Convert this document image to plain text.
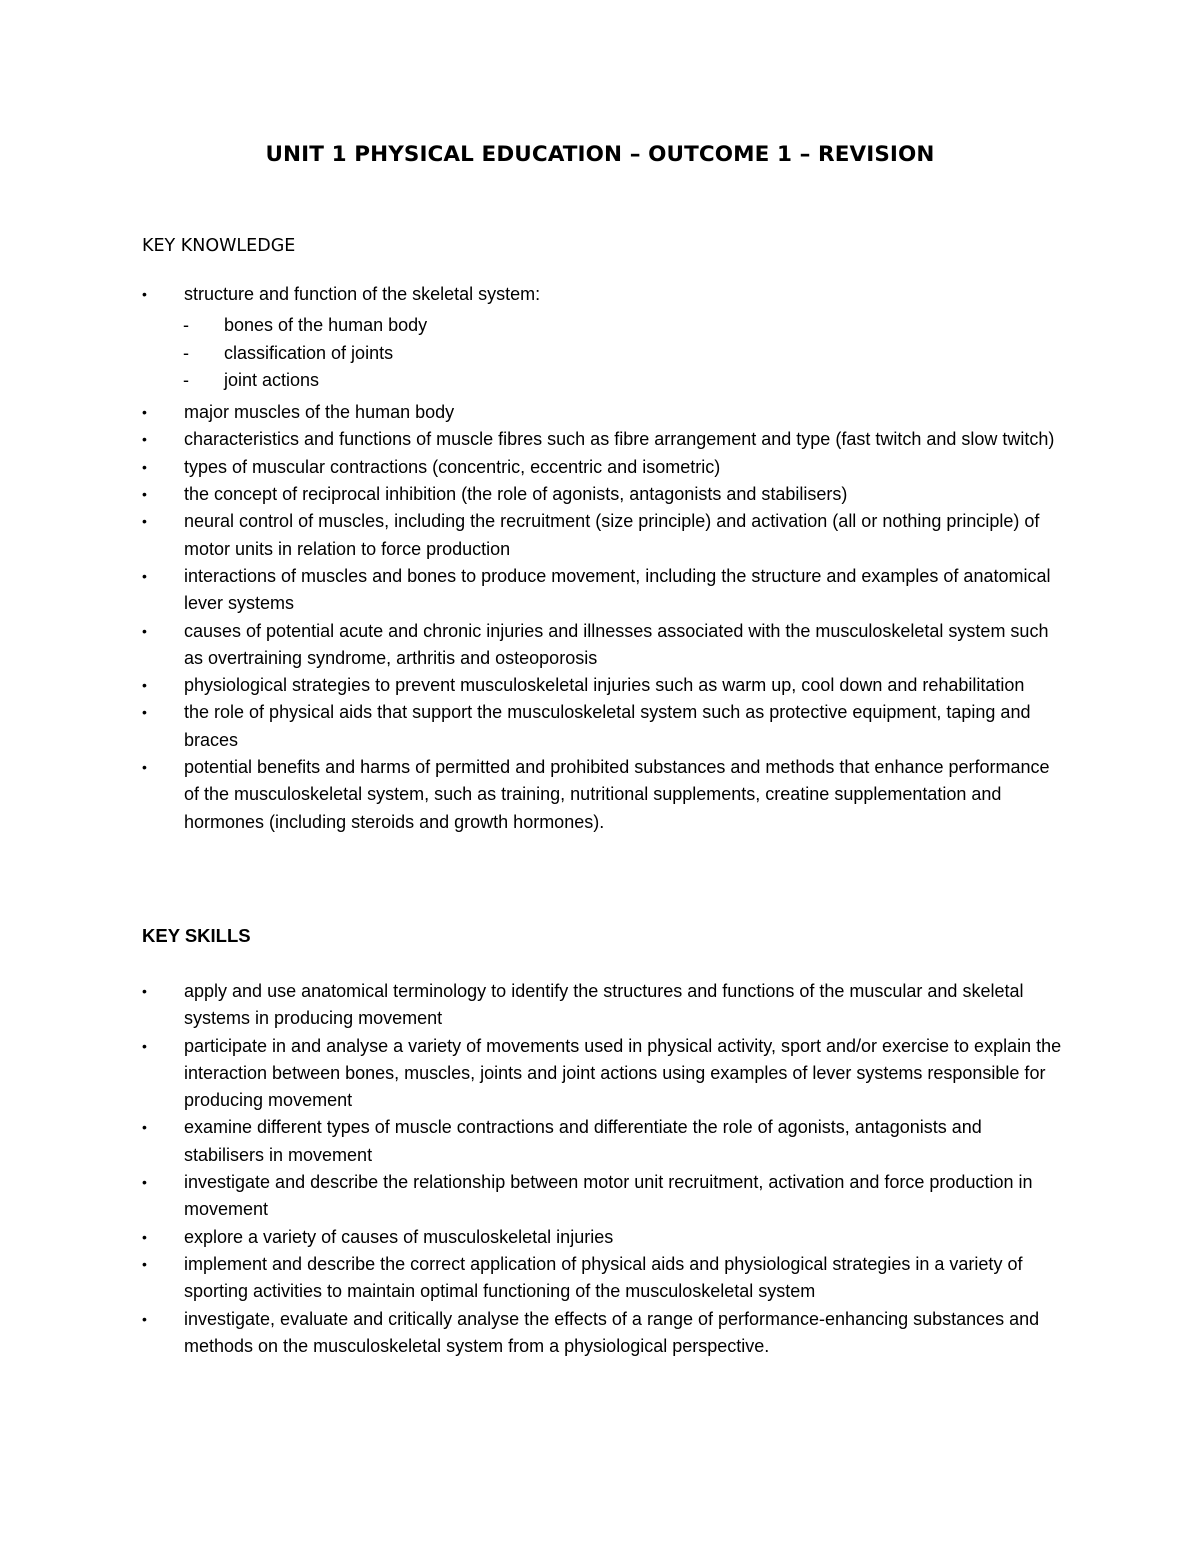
UNIT 1 PHYSICAL EDUCATION – OUTCOME 1 – REVISION
KEY KNOWLEDGE
• structure and function of the skeletal system:
-	bones of the human body
-	classification of joints
-	joint actions
• major muscles of the human body
• characteristics and functions of muscle fibres such as fibre arrangement and type (fast twitch and slow twitch)
• types of muscular contractions (concentric, eccentric and isometric)
• the concept of reciprocal inhibition (the role of agonists, antagonists and stabilisers)
• neural control of muscles, including the recruitment (size principle) and activation (all or nothing principle) of motor units in relation to force production
• interactions of muscles and bones to produce movement, including the structure and examples of anatomical lever systems
• causes of potential acute and chronic injuries and illnesses associated with the musculoskeletal system such as overtraining syndrome, arthritis and osteoporosis
• physiological strategies to prevent musculoskeletal injuries such as warm up, cool down and rehabilitation
• the role of physical aids that support the musculoskeletal system such as protective equipment, taping and braces
• potential benefits and harms of permitted and prohibited substances and methods that enhance performance of the musculoskeletal system, such as training, nutritional supplements, creatine supplementation and hormones (including steroids and growth hormones).
KEY SKILLS
• apply and use anatomical terminology to identify the structures and functions of the muscular and skeletal systems in producing movement
• participate in and analyse a variety of movements used in physical activity, sport and/or exercise to explain the interaction between bones, muscles, joints and joint actions using examples of lever systems responsible for producing movement
• examine different types of muscle contractions and differentiate the role of agonists, antagonists and stabilisers in movement
• investigate and describe the relationship between motor unit recruitment, activation and force production in movement
• explore a variety of causes of musculoskeletal injuries
• implement and describe the correct application of physical aids and physiological strategies in a variety of sporting activities to maintain optimal functioning of the musculoskeletal system
• investigate, evaluate and critically analyse the effects of a range of performance-enhancing substances and methods on the musculoskeletal system from a physiological perspective.
